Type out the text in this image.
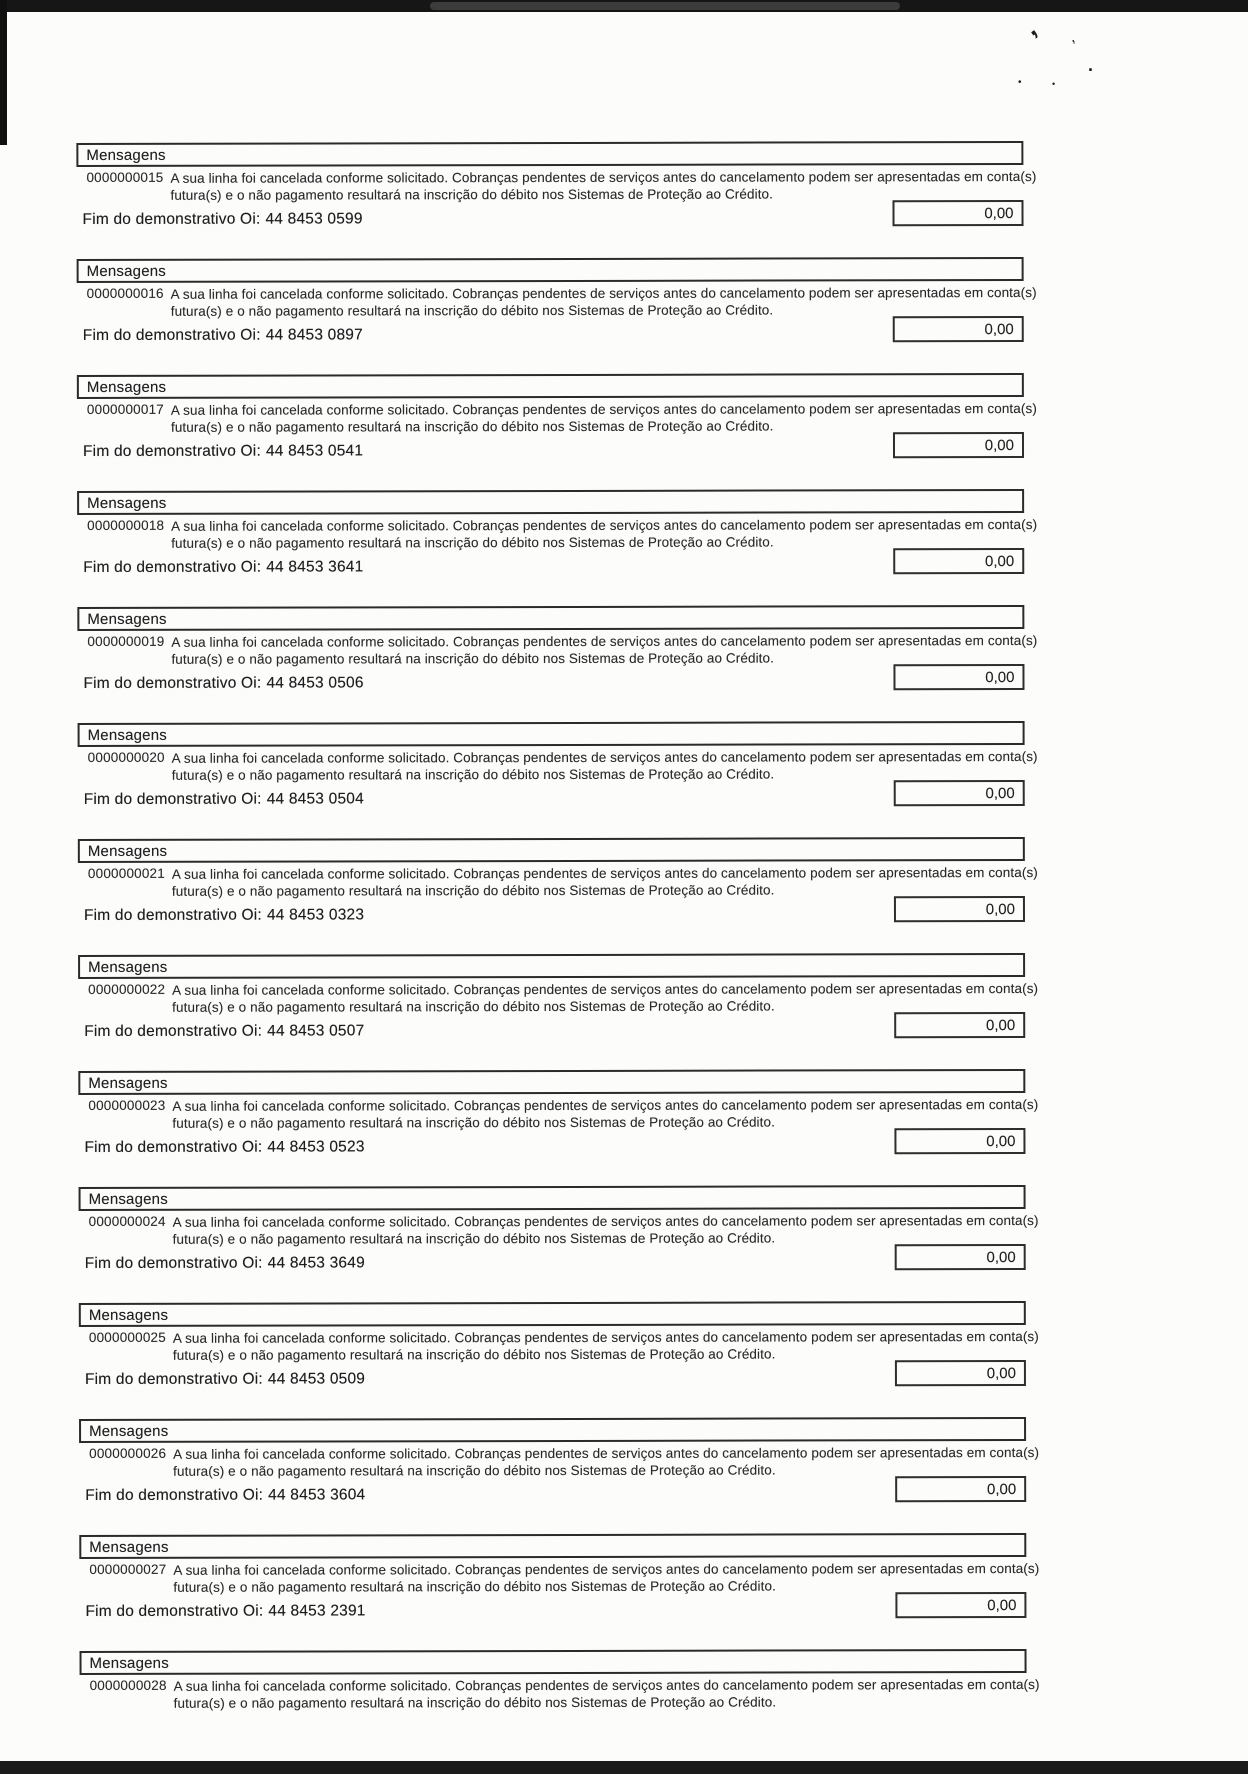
, ,
.
•	•
Mensagens
0000000015 A sua linha foi cancelada conforme solicitado. Cobranças pendentes de serviços antes do cancelamento podem ser apresentadas em conta(s)
futura(s) e o não pagamento resultará na inscrição do débito nos Sistemas de Proteção ao Crédito.
Fim do demonstrativo Oi: 44 8453 0599	0,00
Mensagens
0000000016 A sua linha foi cancelada conforme solicitado. Cobranças pendentes de serviços antes do cancelamento podem ser apresentadas em conta(s)
futura(s) e o não pagamento resultará na inscrição do débito nos Sistemas de Proteção ao Crédito.
Fim do demonstrativo Oi: 44 8453 0897	0,00
Mensagens
0000000017 A sua linha foi cancelada conforme solicitado. Cobranças pendentes de serviços antes do cancelamento podem ser apresentadas em conta(s)
futura(s) e o não pagamento resultará na inscrição do débito nos Sistemas de Proteção ao Crédito.
Fim do demonstrativo Oi: 44 8453 0541	0,00
Mensagens
0000000018 A sua linha foi cancelada conforme solicitado. Cobranças pendentes de serviços antes do cancelamento podem ser apresentadas em conta(s)
futura(s) e o não pagamento resultará na inscrição do débito nos Sistemas de Proteção ao Crédito.
Fim do demonstrativo Oi: 44 8453 3641	0,00
Mensagens
0000000019 A sua linha foi cancelada conforme solicitado. Cobranças pendentes de serviços antes do cancelamento podem ser apresentadas em conta(s)
futura(s) e o não pagamento resultará na inscrição do débito nos Sistemas de Proteção ao Crédito.
Fim do demonstrativo Oi: 44 8453 0506	0,00
Mensagens
0000000020 A sua linha foi cancelada conforme solicitado. Cobranças pendentes de serviços antes do cancelamento podem ser apresentadas em conta(s)
futura(s) e o não pagamento resultará na inscrição do débito nos Sistemas de Proteção ao Crédito.
Fim do demonstrativo Oi: 44 8453 0504	0,00
Mensagens
0000000021 A sua linha foi cancelada conforme solicitado. Cobranças pendentes de serviços antes do cancelamento podem ser apresentadas em conta(s)
futura(s) e o não pagamento resultará na inscrição do débito nos Sistemas de Proteção ao Crédito.
Fim do demonstrativo Oi: 44 8453 0323	0,00
Mensagens
0000000022 A sua linha foi cancelada conforme solicitado. Cobranças pendentes de serviços antes do cancelamento podem ser apresentadas em conta(s)
futura(s) e o não pagamento resultará na inscrição do débito nos Sistemas de Proteção ao Crédito.
Fim do demonstrativo Oi: 44 8453 0507	0,00
Mensagens
0000000023 A sua linha foi cancelada conforme solicitado. Cobranças pendentes de serviços antes do cancelamento podem ser apresentadas em conta(s)
futura(s) e o não pagamento resultará na inscrição do débito nos Sistemas de Proteção ao Crédito.
Fim do demonstrativo Oi: 44 8453 0523	0,00
Mensagens
0000000024 A sua linha foi cancelada conforme solicitado. Cobranças pendentes de serviços antes do cancelamento podem ser apresentadas em conta(s)
futura(s) e o não pagamento resultará na inscrição do débito nos Sistemas de Proteção ao Crédito.
Fim do demonstrativo Oi: 44 8453 3649	0,00
Mensagens
0000000025 A sua linha foi cancelada conforme solicitado. Cobranças pendentes de serviços antes do cancelamento podem ser apresentadas em conta(s)
futura(s) e o não pagamento resultará na inscrição do débito nos Sistemas de Proteção ao Crédito.
Fim do demonstrativo Oi: 44 8453 0509	0,00
Mensagens
0000000026 A sua linha foi cancelada conforme solicitado. Cobranças pendentes de serviços antes do cancelamento podem ser apresentadas em conta(s)
futura(s) e o não pagamento resultará na inscrição do débito nos Sistemas de Proteção ao Crédito.
Fim do demonstrativo Oi: 44 8453 3604	0,00
Mensagens
0000000027 A sua linha foi cancelada conforme solicitado. Cobranças pendentes de serviços antes do cancelamento podem ser apresentadas em conta(s)
futura(s) e o não pagamento resultará na inscrição do débito nos Sistemas de Proteção ao Crédito.
Fim do demonstrativo Oi: 44 8453 2391	0,00
Mensagens
0000000028 A sua linha foi cancelada conforme solicitado. Cobranças pendentes de serviços antes do cancelamento podem ser apresentadas em conta(s)
futura(s) e o não pagamento resultará na inscrição do débito nos Sistemas de Proteção ao Crédito.
